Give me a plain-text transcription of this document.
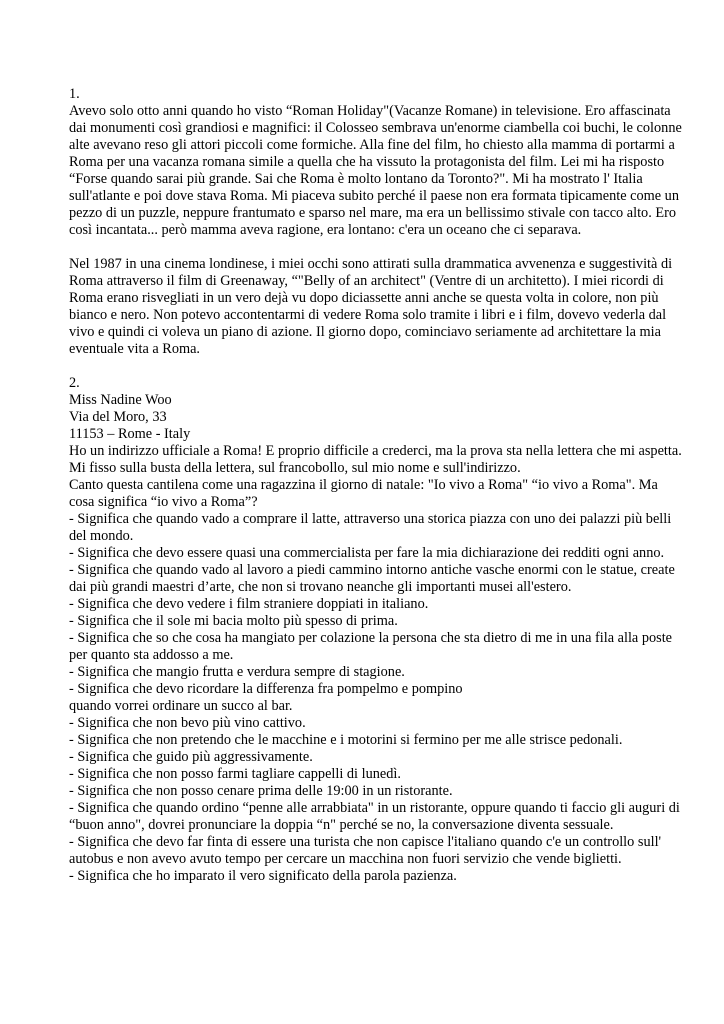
1.

Avevo solo otto anni quando ho visto “Roman Holiday"(Vacanze Romane) in televisione. Ero affascinata dai monumenti così grandiosi e magnifici: il Colosseo sembrava un'enorme ciambella coi buchi, le colonne alte avevano reso gli attori piccoli come formiche. Alla fine del film, ho chiesto alla mamma di portarmi a Roma per una vacanza romana simile a quella che ha vissuto la protagonista del film. Lei mi ha risposto “Forse quando sarai più grande. Sai che Roma è molto lontano da Toronto?". Mi ha mostrato l' Italia sull'atlante e poi dove stava Roma. Mi piaceva subito perché il paese non era formata tipicamente come un pezzo di un puzzle, neppure frantumato e sparso nel mare, ma era un bellissimo stivale con tacco alto. Ero così incantata... però mamma aveva ragione, era lontano: c'era un oceano che ci separava.

Nel 1987 in una cinema londinese, i miei occhi sono attirati sulla drammatica avvenenza e suggestività di Roma attraverso il film di Greenaway, “"Belly of an architect" (Ventre di un architetto). I miei ricordi di Roma erano risvegliati in un vero dejà vu dopo diciassette anni anche se questa volta in colore, non più bianco e nero. Non potevo accontentarmi di vedere Roma solo tramite i libri e i film, dovevo vederla dal vivo e quindi ci voleva un piano di azione. Il giorno dopo, cominciavo seriamente ad architettare la mia eventuale vita a Roma.

2.

Miss Nadine Woo

Via del Moro, 33

11153 – Rome - Italy

Ho un indirizzo ufficiale a Roma! E proprio difficile a crederci, ma la prova sta nella lettera che mi aspetta. Mi fisso sulla busta della lettera, sul francobollo, sul mio nome e sull'indirizzo.

Canto questa cantilena come una ragazzina il giorno di natale: "Io vivo a Roma" “io vivo a Roma". Ma cosa significa “io vivo a Roma”?

- Significa che quando vado a comprare il latte, attraverso una storica piazza con uno dei palazzi più belli del mondo.

- Significa che devo essere quasi una commercialista per fare la mia dichiarazione dei redditi ogni anno.

- Significa che quando vado al lavoro a piedi cammino intorno antiche vasche enormi con le statue, create dai più grandi maestri d’arte, che non si trovano neanche gli importanti musei all'estero.

- Significa che devo vedere i film straniere doppiati in italiano.

- Significa che il sole mi bacia molto più spesso di prima.

- Significa che so che cosa ha mangiato per colazione la persona che sta dietro di me in una fila alla poste per quanto sta addosso a me.

- Significa che mangio frutta e verdura sempre di stagione.

- Significa che devo ricordare la differenza fra pompelmo e pompino

quando vorrei ordinare un succo al bar.

- Significa che non bevo più vino cattivo.

- Significa che non pretendo che le macchine e i motorini si fermino per me alle strisce pedonali.

- Significa che guido più aggressivamente.

- Significa che non posso farmi tagliare cappelli di lunedì.

- Significa che non posso cenare prima delle 19:00 in un ristorante.

- Significa che quando ordino “penne alle arrabbiata" in un ristorante, oppure quando ti faccio gli auguri di “buon anno", dovrei pronunciare la doppia “n" perché se no, la conversazione diventa sessuale.

- Significa che devo far finta di essere una turista che non capisce l'italiano quando c'e un controllo sull' autobus e non avevo avuto tempo per cercare un macchina non fuori servizio che vende biglietti.

- Significa che ho imparato il vero significato della parola pazienza.
